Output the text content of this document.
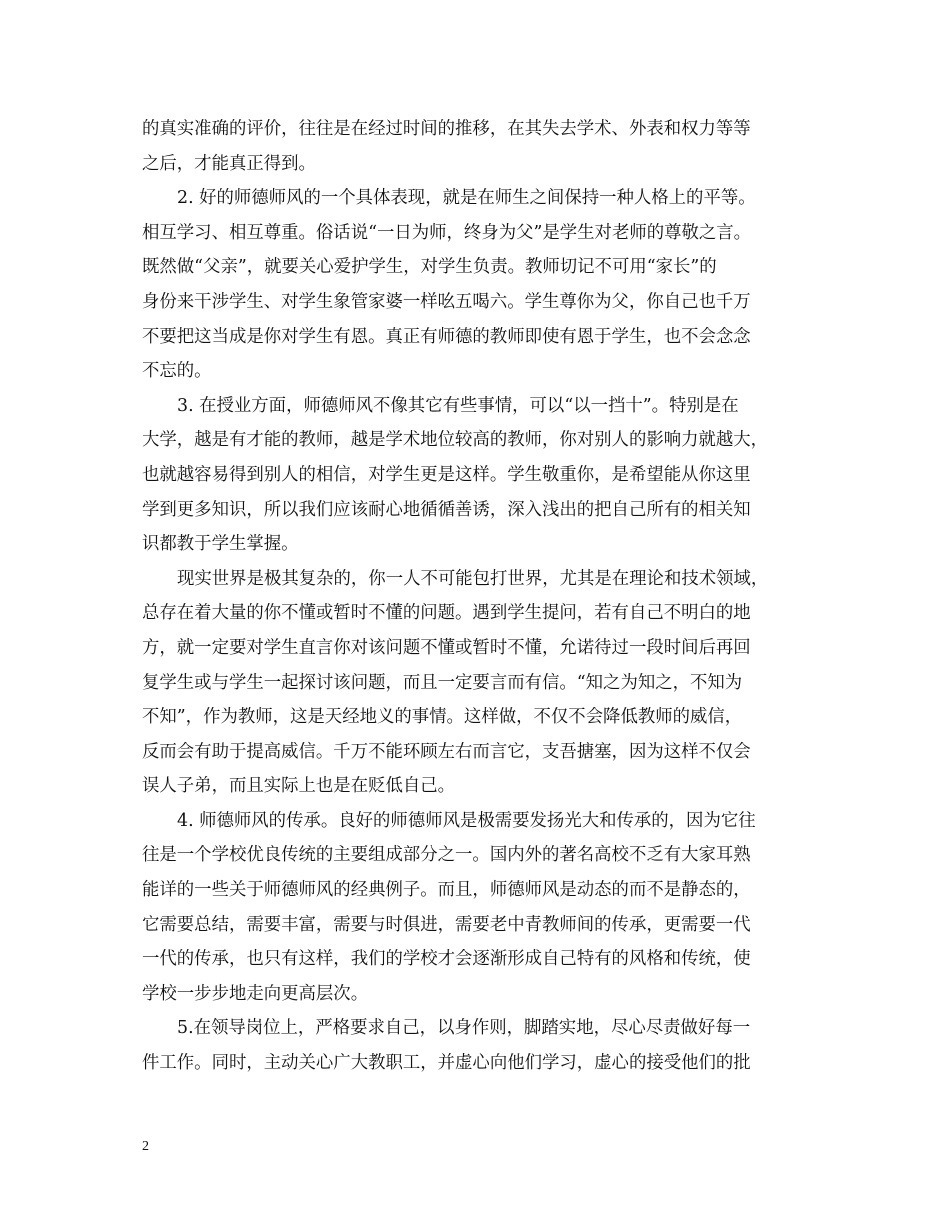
的真实准确的评价，往往是在经过时间的推移，在其失去学术、外表和权力等等
之后，才能真正得到。
2. 好的师德师风的一个具体表现，就是在师生之间保持一种人格上的平等。
相互学习、相互尊重。俗话说“一日为师，终身为父”是学生对老师的尊敬之言。
既然做“父亲”，就要关心爱护学生，对学生负责。教师切记不可用“家长”的
身份来干涉学生、对学生象管家婆一样吆五喝六。学生尊你为父，你自己也千万
不要把这当成是你对学生有恩。真正有师德的教师即使有恩于学生，也不会念念
不忘的。
3. 在授业方面，师德师风不像其它有些事情，可以“以一挡十”。特别是在
大学，越是有才能的教师，越是学术地位较高的教师，你对别人的影响力就越大，
也就越容易得到别人的相信，对学生更是这样。学生敬重你，是希望能从你这里
学到更多知识，所以我们应该耐心地循循善诱，深入浅出的把自己所有的相关知
识都教于学生掌握。
现实世界是极其复杂的，你一人不可能包打世界，尤其是在理论和技术领域，
总存在着大量的你不懂或暂时不懂的问题。遇到学生提问，若有自己不明白的地
方，就一定要对学生直言你对该问题不懂或暂时不懂，允诺待过一段时间后再回
复学生或与学生一起探讨该问题，而且一定要言而有信。“知之为知之，不知为
不知”，作为教师，这是天经地义的事情。这样做，不仅不会降低教师的威信，
反而会有助于提高威信。千万不能环顾左右而言它，支吾搪塞，因为这样不仅会
误人子弟，而且实际上也是在贬低自己。
4. 师德师风的传承。良好的师德师风是极需要发扬光大和传承的，因为它往
往是一个学校优良传统的主要组成部分之一。国内外的著名高校不乏有大家耳熟
能详的一些关于师德师风的经典例子。而且，师德师风是动态的而不是静态的，
它需要总结，需要丰富，需要与时俱进，需要老中青教师间的传承，更需要一代
一代的传承，也只有这样，我们的学校才会逐渐形成自己特有的风格和传统，使
学校一步步地走向更高层次。
5.在领导岗位上，严格要求自己，以身作则，脚踏实地，尽心尽责做好每一
件工作。同时，主动关心广大教职工，并虚心向他们学习，虚心的接受他们的批
2
